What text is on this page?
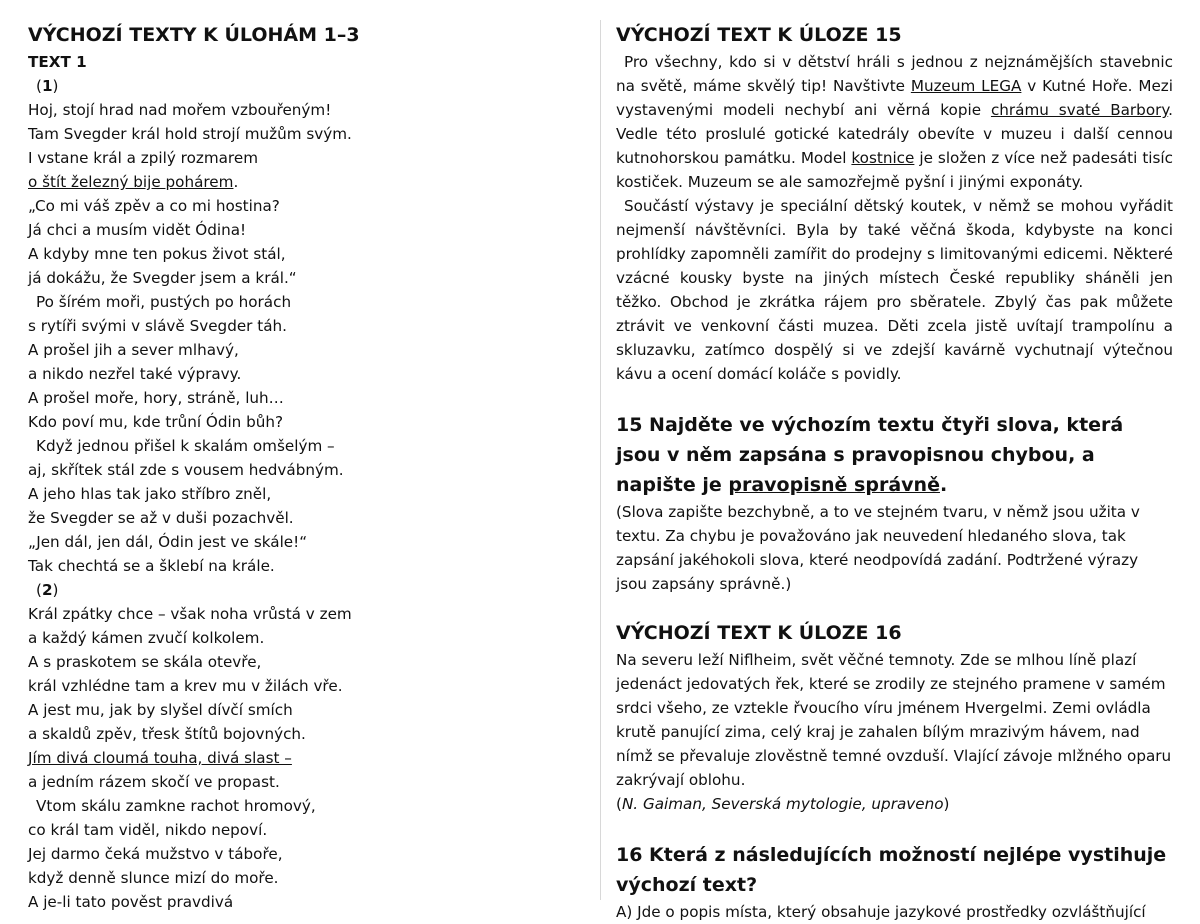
VÝCHOZÍ TEXTY K ÚLOHÁM 1–3
TEXT 1
(1)
Hoj, stojí hrad nad mořem vzbouřeným!
Tam Svegder král hold strojí mužům svým.
I vstane král a zpilý rozmarem
o štít železný bije pohárem.
„Co mi váš zpěv a co mi hostina?
Já chci a musím vidět Ódina!
A kdyby mne ten pokus život stál,
já dokážu, že Svegder jsem a král.“
Po šírém moři, pustých po horách
s rytíři svými v slávě Svegder táh.
A prošel jih a sever mlhavý,
a nikdo nezřel také výpravy.
A prošel moře, hory, stráně, luh…
Kdo poví mu, kde trůní Ódin bůh?
Když jednou přišel k skalám omšelým –
aj, skřítek stál zde s vousem hedvábným.
A jeho hlas tak jako stříbro zněl,
že Svegder se až v duši pozachvěl.
„Jen dál, jen dál, Ódin jest ve skále!“
Tak chechtá se a šklebí na krále.
(2)
Král zpátky chce – však noha vrůstá v zem
a každý kámen zvučí kolkolem.
A s praskotem se skála otevře,
král vzhlédne tam a krev mu v žilách vře.
A jest mu, jak by slyšel dívčí smích
a skaldů zpěv, třesk štítů bojovných.
Jím divá cloumá touha, divá slast –
a jedním rázem skočí ve propast.
Vtom skálu zamkne rachot hromový,
co král tam viděl, nikdo nepoví.
Jej darmo čeká mužstvo v táboře,
když denně slunce mizí do moře.
A je-li tato pověst pravdivá
VÝCHOZÍ TEXT K ÚLOZE 15

Pro všechny, kdo si v dětství hráli s jednou z nejznámějších stavebnic na světě, máme skvělý tip! Navštivte Muzeum LEGA v Kutné Hoře. Mezi vystavenými modeli nechybí ani věrná kopie chrámu svaté Barbory. Vedle této proslulé gotické katedrály obevíte v muzeu i další cennou kutnohorskou památku. Model kostnice je složen z více než padesáti tisíc kostiček. Muzeum se ale samozřejmě pyšní i jinými exponáty.

Součástí výstavy je speciální dětský koutek, v němž se mohou vyřádit nejmenší návštěvníci. Byla by také věčná škoda, kdybyste na konci prohlídky zapomněli zamířit do prodejny s limitovanými edicemi. Některé vzácné kousky byste na jiných místech České republiky sháněli jen těžko. Obchod je zkrátka rájem pro sběratele. Zbylý čas pak můžete ztrávit ve venkovní části muzea. Děti zcela jistě uvítají trampolínu a skluzavku, zatímco dospělý si ve zdejší kavárně vychutnají výtečnou kávu a ocení domácí koláče s povidly.

15 Najděte ve výchozím textu čtyři slova, která jsou v něm zapsána s pravopisnou chybou, a napište je pravopisně správně.

(Slova zapište bezchybně, a to ve stejném tvaru, v němž jsou užita v textu. Za chybu je považováno jak neuvedení hledaného slova, tak zapsání jakéhokoli slova, které neodpovídá zadání. Podtržené výrazy jsou zapsány správně.)

VÝCHOZÍ TEXT K ÚLOZE 16

Na severu leží Niflheim, svět věčné temnoty. Zde se mlhou líně plazí jedenáct jedovatých řek, které se zrodily ze stejného pramene v samém srdci všeho, ze vztekle řvoucího víru jménem Hvergelmi. Zemi ovládla krutě panující zima, celý kraj je zahalen bílým mrazivým hávem, nad nímž se převaluje zlověstně temné ovzduší. Vlající závoje mlžného oparu zakrývají oblohu.

(N. Gaiman, Severská mytologie, upraveno)

16 Která z následujících možností nejlépe vystihuje výchozí text?
A) Jde o popis místa, který obsahuje jazykové prostředky ozvláštňující
